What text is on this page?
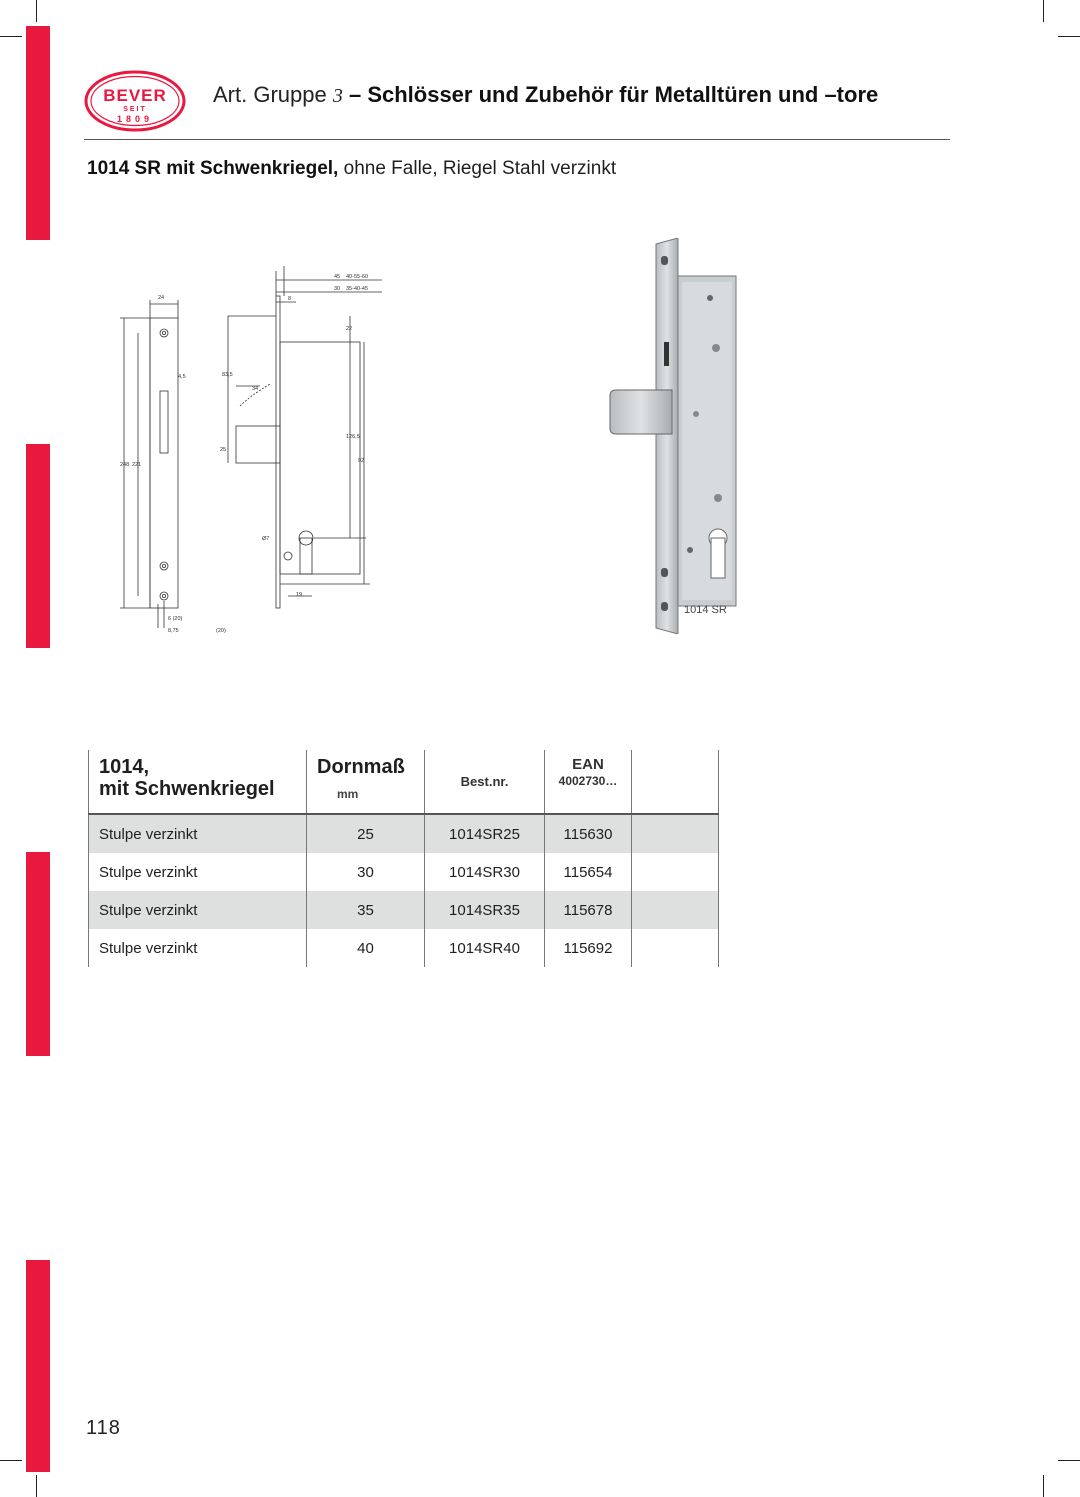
BEVER
SEIT
1809
Art. Gruppe 3 – Schlösser und Zubehör für Metalltüren und –tore
1014 SR mit Schwenkriegel, ohne Falle, Riegel Stahl verzinkt
24
45 40-55-60
30 35-40-45
8
22
4,5	83,5
34
25
248 221
126,5
92
Ø7
19
6 (20)
8,75	(20)
1014 SR
1014,
mit Schwenkriegel	Dornmaß
mm	Best.nr.	EAN
4002730…	

Stulpe verzinkt	25	1014SR25	115630	
Stulpe verzinkt	30	1014SR30	115654	
Stulpe verzinkt	35	1014SR35	115678	
Stulpe verzinkt	40	1014SR40	115692	
118
